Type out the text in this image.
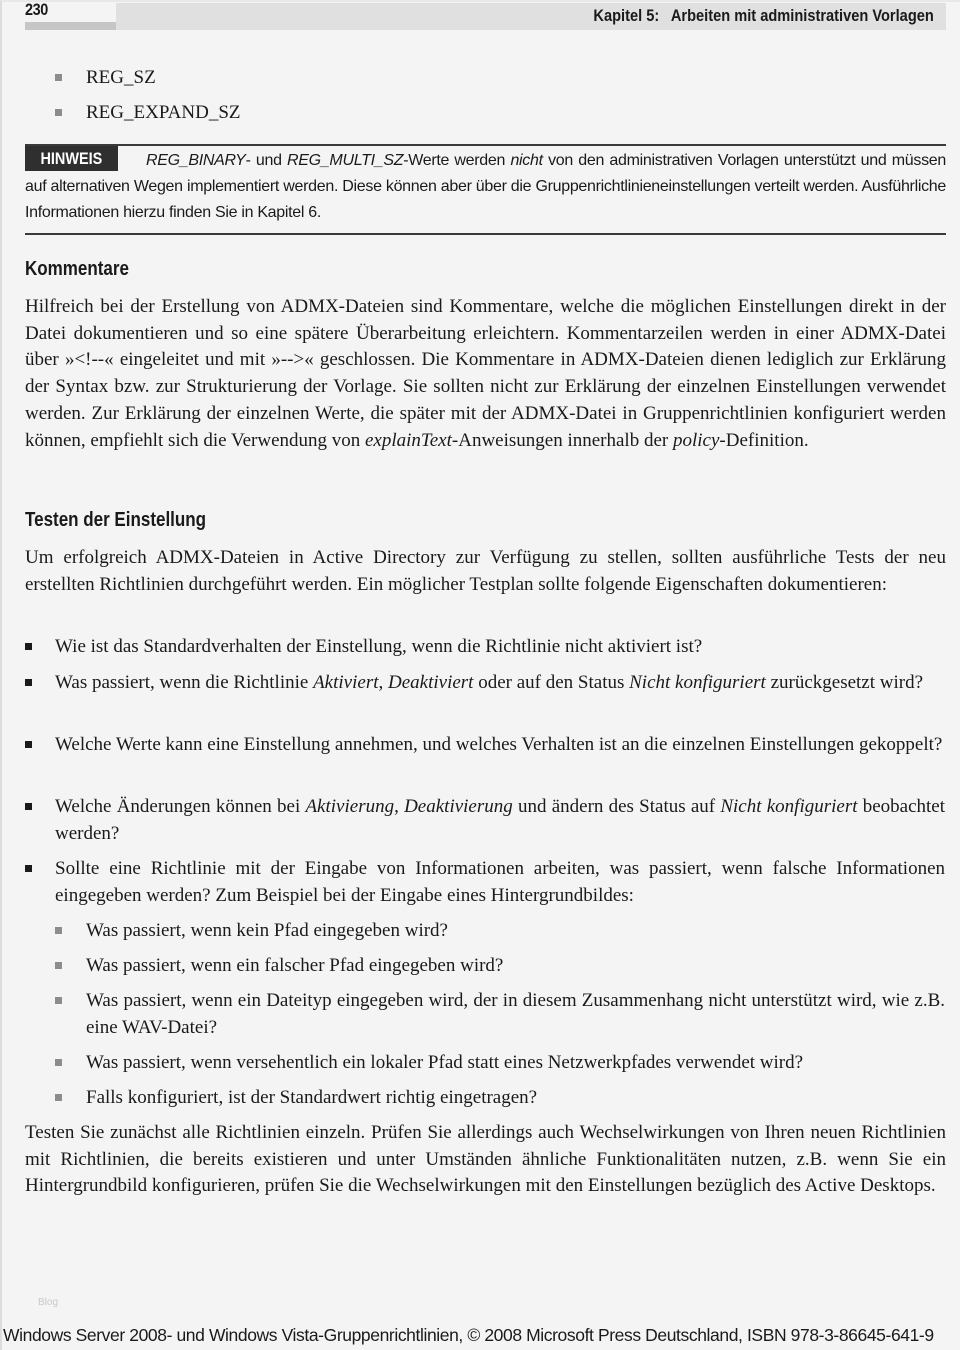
230	Kapitel 5:   Arbeiten mit administrativen Vorlagen
REG_SZ
REG_EXPAND_SZ
REG_BINARY- und REG_MULTI_SZ-Werte werden nicht von den administrativen Vorlagen unterstützt und müssen auf alternativen Wegen implementiert werden. Diese können aber über die Gruppenrichtlinieneinstellungen verteilt werden. Ausführliche Informationen hierzu finden Sie in Kapitel 6.
HINWEIS
Kommentare
Hilfreich bei der Erstellung von ADMX-Dateien sind Kommentare, welche die möglichen Einstellungen direkt in der Datei dokumentieren und so eine spätere Überarbeitung erleichtern. Kommentarzeilen werden in einer ADMX-Datei über »<!--« eingeleitet und mit »-->« geschlossen. Die Kommentare in ADMX-Dateien dienen lediglich zur Erklärung der Syntax bzw. zur Strukturierung der Vorlage. Sie sollten nicht zur Erklärung der einzelnen Einstellungen verwendet werden. Zur Erklärung der einzelnen Werte, die später mit der ADMX-Datei in Gruppenrichtlinien konfiguriert werden können, empfiehlt sich die Verwendung von explainText-Anweisungen innerhalb der policy-Definition.
Testen der Einstellung
Um erfolgreich ADMX-Dateien in Active Directory zur Verfügung zu stellen, sollten ausführliche Tests der neu erstellten Richtlinien durchgeführt werden. Ein möglicher Testplan sollte folgende Eigenschaften dokumentieren:
Wie ist das Standardverhalten der Einstellung, wenn die Richtlinie nicht aktiviert ist?
Was passiert, wenn die Richtlinie Aktiviert, Deaktiviert oder auf den Status Nicht konfiguriert zurückgesetzt wird?
Welche Werte kann eine Einstellung annehmen, und welches Verhalten ist an die einzelnen Einstellungen gekoppelt?
Welche Änderungen können bei Aktivierung, Deaktivierung und ändern des Status auf Nicht konfiguriert beobachtet werden?
Sollte eine Richtlinie mit der Eingabe von Informationen arbeiten, was passiert, wenn falsche Informationen eingegeben werden? Zum Beispiel bei der Eingabe eines Hintergrundbildes:
Was passiert, wenn kein Pfad eingegeben wird?
Was passiert, wenn ein falscher Pfad eingegeben wird?
Was passiert, wenn ein Dateityp eingegeben wird, der in diesem Zusammenhang nicht unterstützt wird, wie z.B. eine WAV-Datei?
Was passiert, wenn versehentlich ein lokaler Pfad statt eines Netzwerkpfades verwendet wird?
Falls konfiguriert, ist der Standardwert richtig eingetragen?
Testen Sie zunächst alle Richtlinien einzeln. Prüfen Sie allerdings auch Wechselwirkungen von Ihren neuen Richtlinien mit Richtlinien, die bereits existieren und unter Umständen ähnliche Funktionalitäten nutzen, z.B. wenn Sie ein Hintergrundbild konfigurieren, prüfen Sie die Wechselwirkungen mit den Einstellungen bezüglich des Active Desktops.
Blog
Windows Server 2008- und Windows Vista-Gruppenrichtlinien, © 2008 Microsoft Press Deutschland, ISBN 978-3-86645-641-9
